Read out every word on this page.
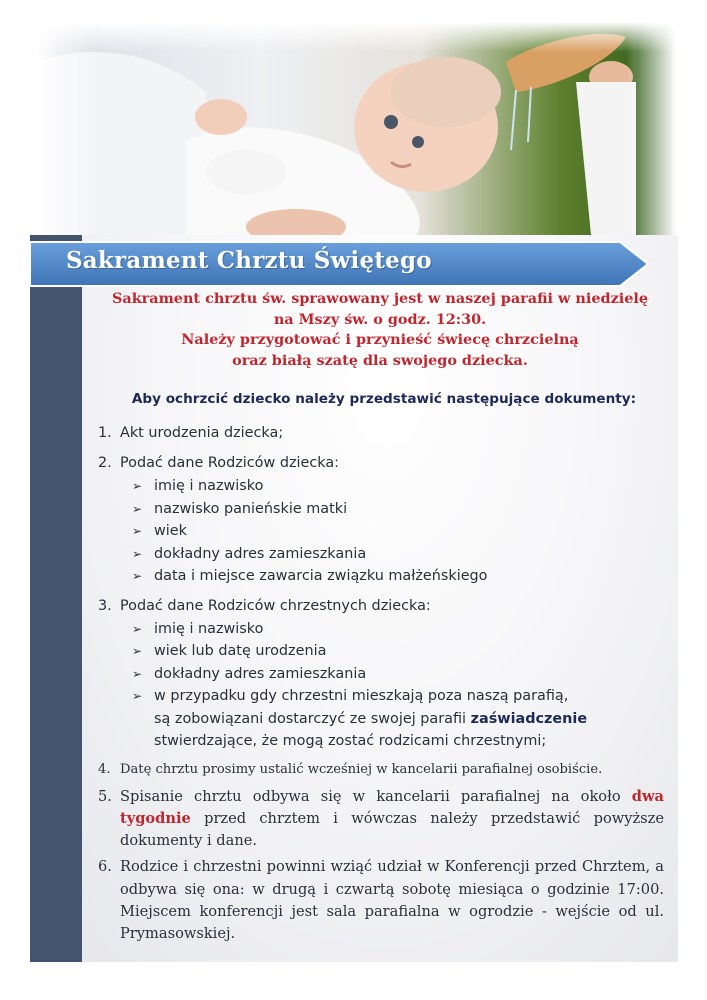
Sakrament Chrztu Świętego
Sakrament chrztu św. sprawowany jest w naszej parafii w niedzielę
na Mszy św. o godz. 12:30.
Należy przygotować i przynieść świecę chrzcielną
oraz białą szatę dla swojego dziecka.
Aby ochrzcić dziecko należy przedstawić następujące dokumenty:
1. Akt urodzenia dziecka;
2. Podać dane Rodziców dziecka:
➢ imię i nazwisko
➢ nazwisko panieńskie matki
➢ wiek
➢ dokładny adres zamieszkania
➢ data i miejsce zawarcia związku małżeńskiego
3. Podać dane Rodziców chrzestnych dziecka:
➢ imię i nazwisko
➢ wiek lub datę urodzenia
➢ dokładny adres zamieszkania
➢ w przypadku gdy chrzestni mieszkają poza naszą parafią,
są zobowiązani dostarczyć ze swojej parafii zaświadczenie
stwierdzające, że mogą zostać rodzicami chrzestnymi;
4. Datę chrztu prosimy ustalić wcześniej w kancelarii parafialnej osobiście.
5. Spisanie chrztu odbywa się w kancelarii parafialnej na około dwa tygodnie przed chrztem i wówczas należy przedstawić powyższe dokumenty i dane.
6. Rodzice i chrzestni powinni wziąć udział w Konferencji przed Chrztem, a odbywa się ona: w drugą i czwartą sobotę miesiąca o godzinie 17:00. Miejscem konferencji jest sala parafialna w ogrodzie - wejście od ul. Prymasowskiej.
